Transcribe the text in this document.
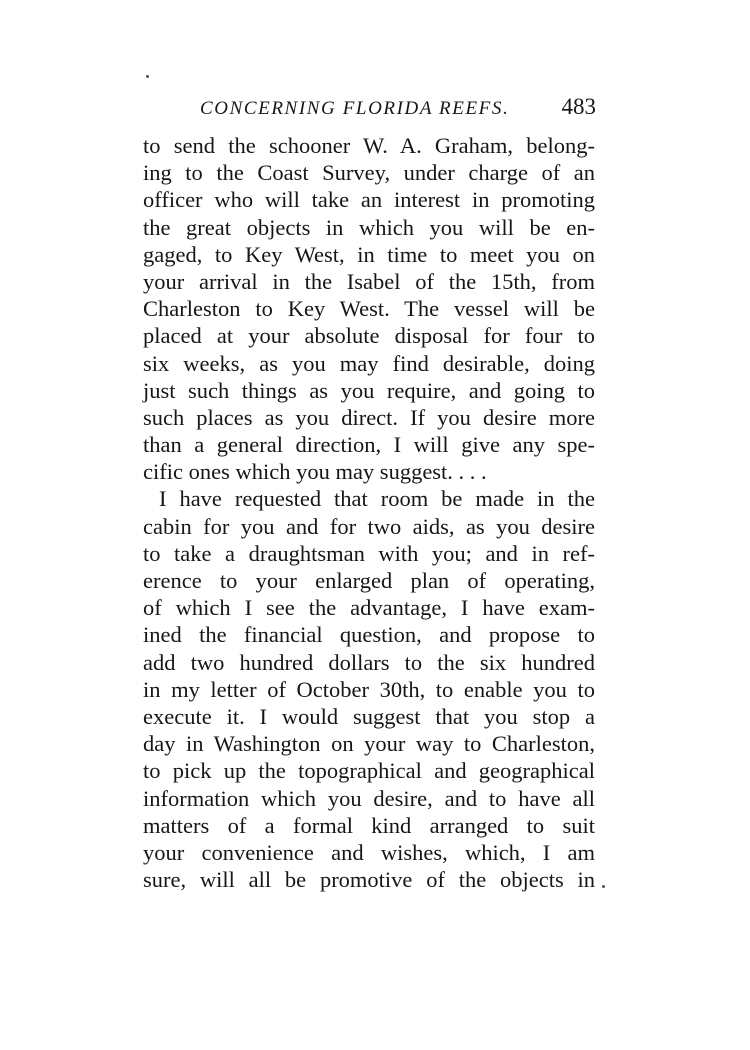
CONCERNING FLORIDA REEFS. 483
to send the schooner W. A. Graham, belong-
ing to the Coast Survey, under charge of an
officer who will take an interest in promoting
the great objects in which you will be en-
gaged, to Key West, in time to meet you on
your arrival in the Isabel of the 15th, from
Charleston to Key West. The vessel will be
placed at your absolute disposal for four to
six weeks, as you may find desirable, doing
just such things as you require, and going to
such places as you direct. If you desire more
than a general direction, I will give any spe-
cific ones which you may suggest. . . .
I have requested that room be made in the
cabin for you and for two aids, as you desire
to take a draughtsman with you; and in ref-
erence to your enlarged plan of operating,
of which I see the advantage, I have exam-
ined the financial question, and propose to
add two hundred dollars to the six hundred
in my letter of October 30th, to enable you to
execute it. I would suggest that you stop a
day in Washington on your way to Charleston,
to pick up the topographical and geographical
information which you desire, and to have all
matters of a formal kind arranged to suit
your convenience and wishes, which, I am
sure, will all be promotive of the objects in
